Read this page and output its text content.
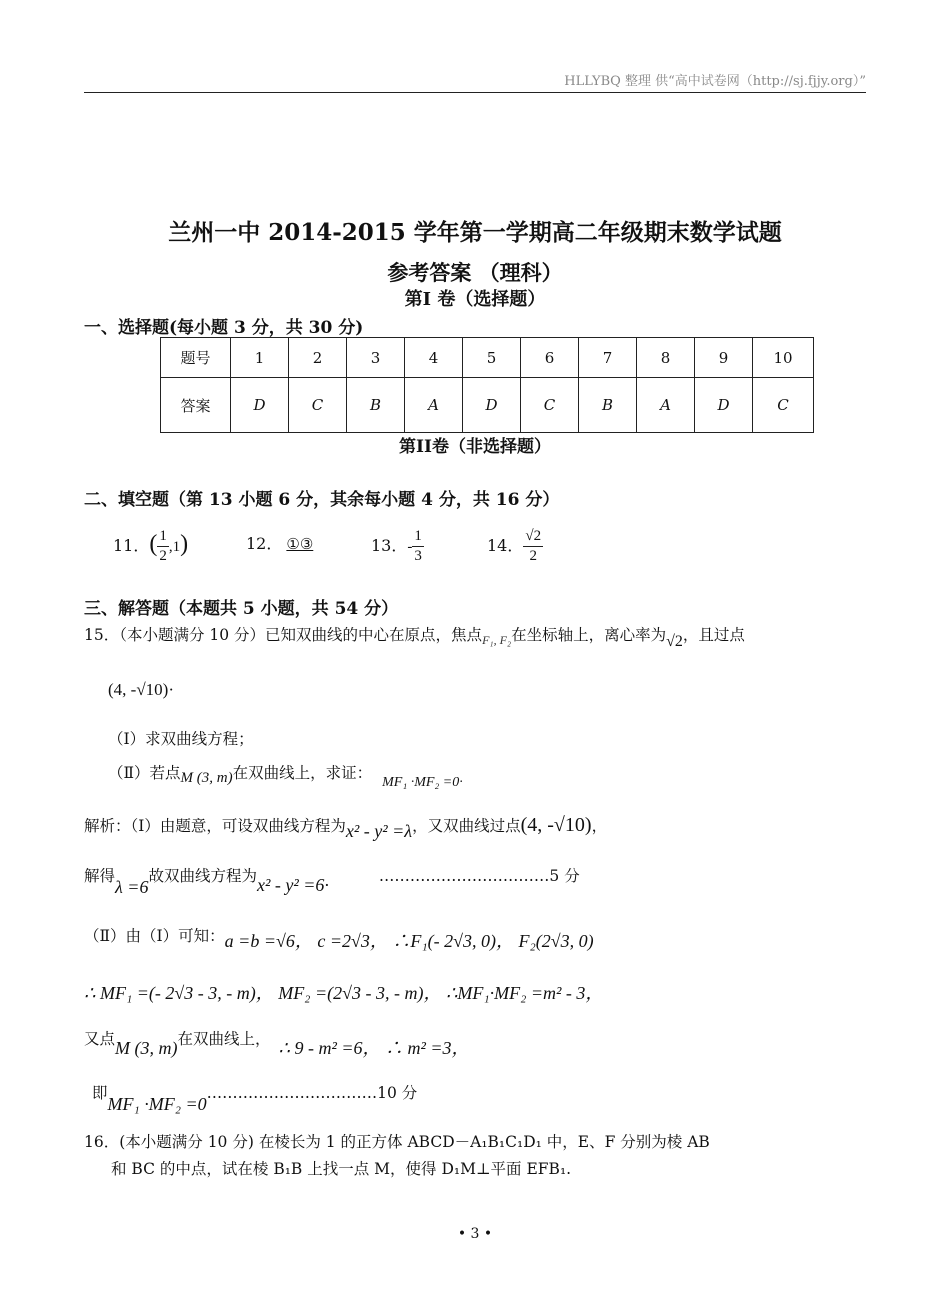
HLLYBQ 整理 供“高中试卷网（http://sj.fjjy.org）”
兰州一中 2014-2015 学年第一学期高二年级期末数学试题
参考答案 （理科）
第I 卷（选择题）
一、选择题(每小题 3 分，共 30 分)
题号	1	2	3	4	5	6	7	8	9	10
答案	D	C	B	A	D	C	B	A	D	C
第II卷（非选择题）
二、填空题（第 13 小题 6 分，其余每小题 4 分，共 16 分）
11．( $\frac{1}{2} ,1$)	12． ①③	13．- $\frac{1}{3}$	14． $\frac{√2}{2}$
三、解答题（本题共 5 小题，共 54 分）
15．（本小题满分 10 分）已知双曲线的中心在原点，焦点$_{F_1, F_2}$在坐标轴上，离心率为√2，且过点
(4, -√10)·
（Ⅰ）求双曲线方程；
（Ⅱ）若点M (3, m)在双曲线上，求证：MF₁ ·MF₂ =0·
解析：（Ⅰ）由题意，可设双曲线方程为x² - y² =λ，又双曲线过点(4, -√10)，
解得λ =6故双曲线方程为x² - y² =6·	……………………………5 分
（Ⅱ）由（Ⅰ）可知：a =b =√6， c =2√3， ∴F₁(- 2√3, 0)， F₂(2√3, 0)
∴ MF₁ =(- 2√3 - 3, - m)， MF₂ =(2√3 - 3, - m)， ∴MF₁·MF₂ =m² - 3，
又点M (3, m)在双曲线上， ∴ 9 - m² =6， ∴ m² =3，
即MF₁ ·MF₂ =0……………………………10 分
16．(本小题满分 10 分) 在棱长为 1 的正方体 ABCD－A₁B₁C₁D₁ 中，E、F 分别为棱 AB
和 BC 的中点，试在棱 B₁B 上找一点 M，使得 D₁M⊥平面 EFB₁.
• 3 •
